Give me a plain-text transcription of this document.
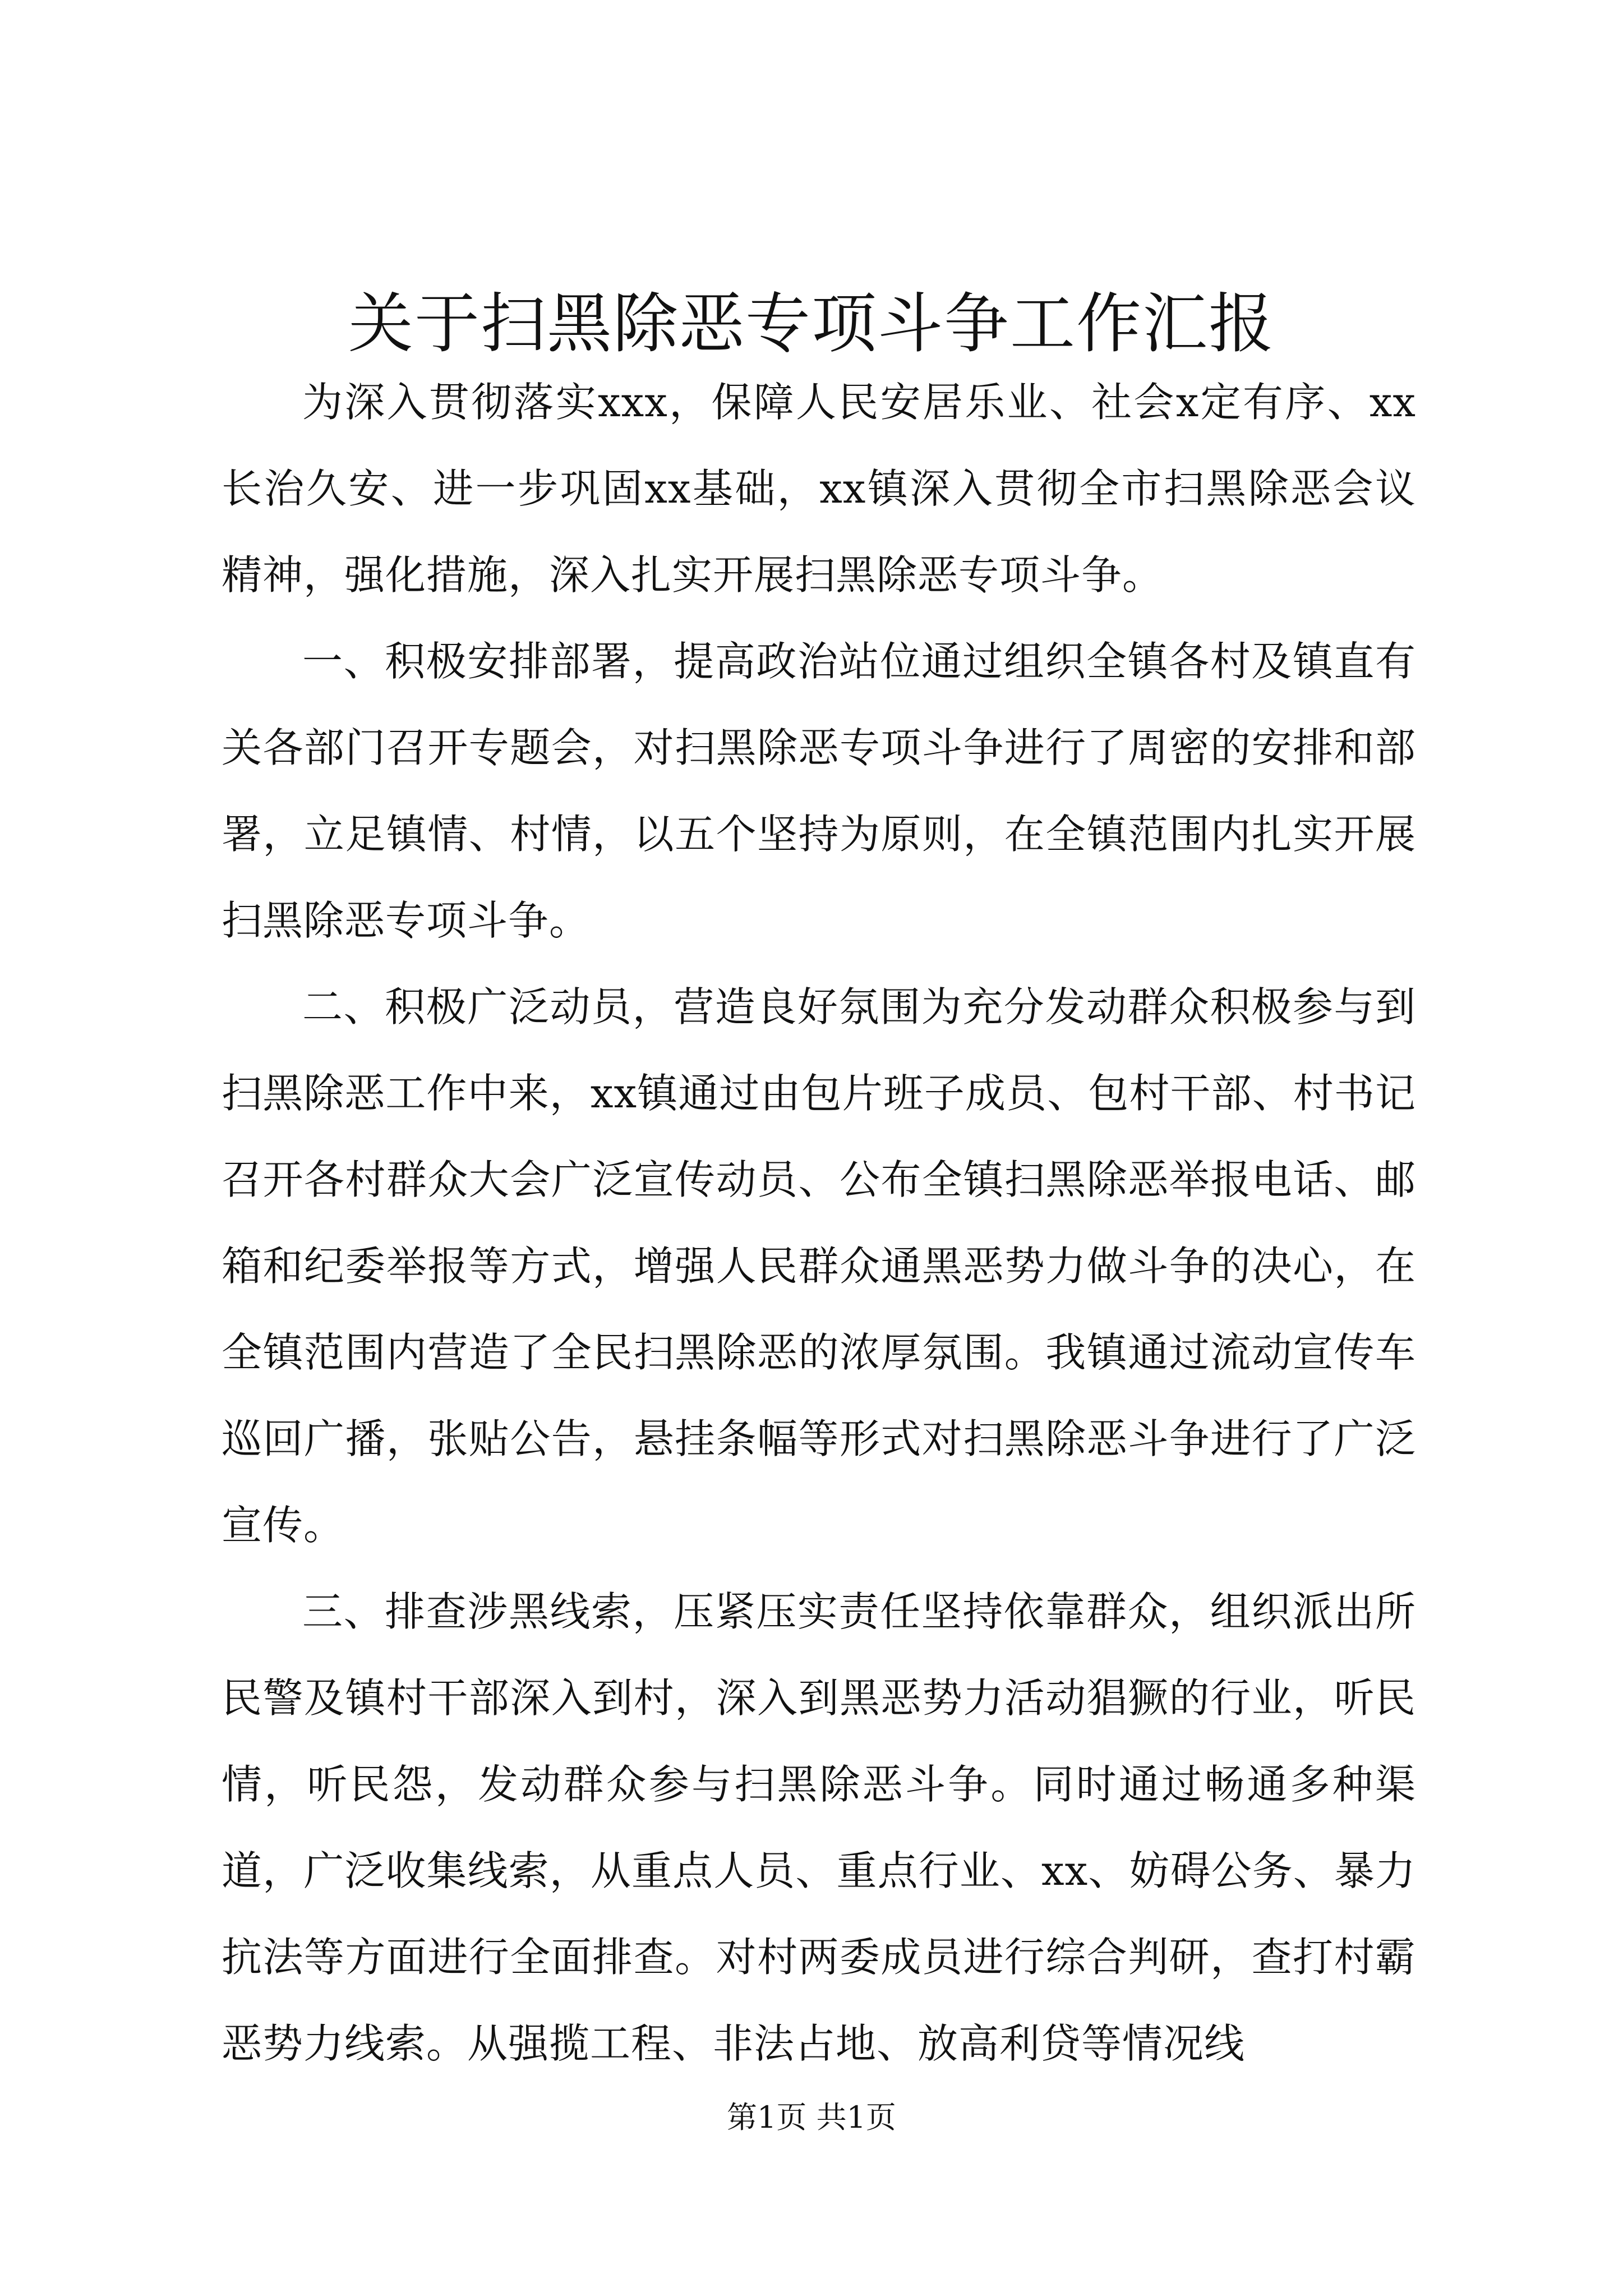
关于扫黑除恶专项斗争工作汇报

为深入贯彻落实xxx，保障人民安居乐业、社会x定有序、xx长治久安、进一步巩固xx基础，xx镇深入贯彻全市扫黑除恶会议精神，强化措施，深入扎实开展扫黑除恶专项斗争。

一、积极安排部署，提高政治站位通过组织全镇各村及镇直有关各部门召开专题会，对扫黑除恶专项斗争进行了周密的安排和部署，立足镇情、村情，以五个坚持为原则，在全镇范围内扎实开展扫黑除恶专项斗争。

二、积极广泛动员，营造良好氛围为充分发动群众积极参与到扫黑除恶工作中来，xx镇通过由包片班子成员、包村干部、村书记召开各村群众大会广泛宣传动员、公布全镇扫黑除恶举报电话、邮箱和纪委举报等方式，增强人民群众通黑恶势力做斗争的决心，在全镇范围内营造了全民扫黑除恶的浓厚氛围。我镇通过流动宣传车巡回广播，张贴公告，悬挂条幅等形式对扫黑除恶斗争进行了广泛宣传。

三、排查涉黑线索，压紧压实责任坚持依靠群众，组织派出所民警及镇村干部深入到村，深入到黑恶势力活动猖獗的行业，听民情，听民怨，发动群众参与扫黑除恶斗争。同时通过畅通多种渠道，广泛收集线索，从重点人员、重点行业、xx、妨碍公务、暴力抗法等方面进行全面排查。对村两委成员进行综合判研，查打村霸恶势力线索。从强揽工程、非法占地、放高利贷等情况线

第1页 共1页
